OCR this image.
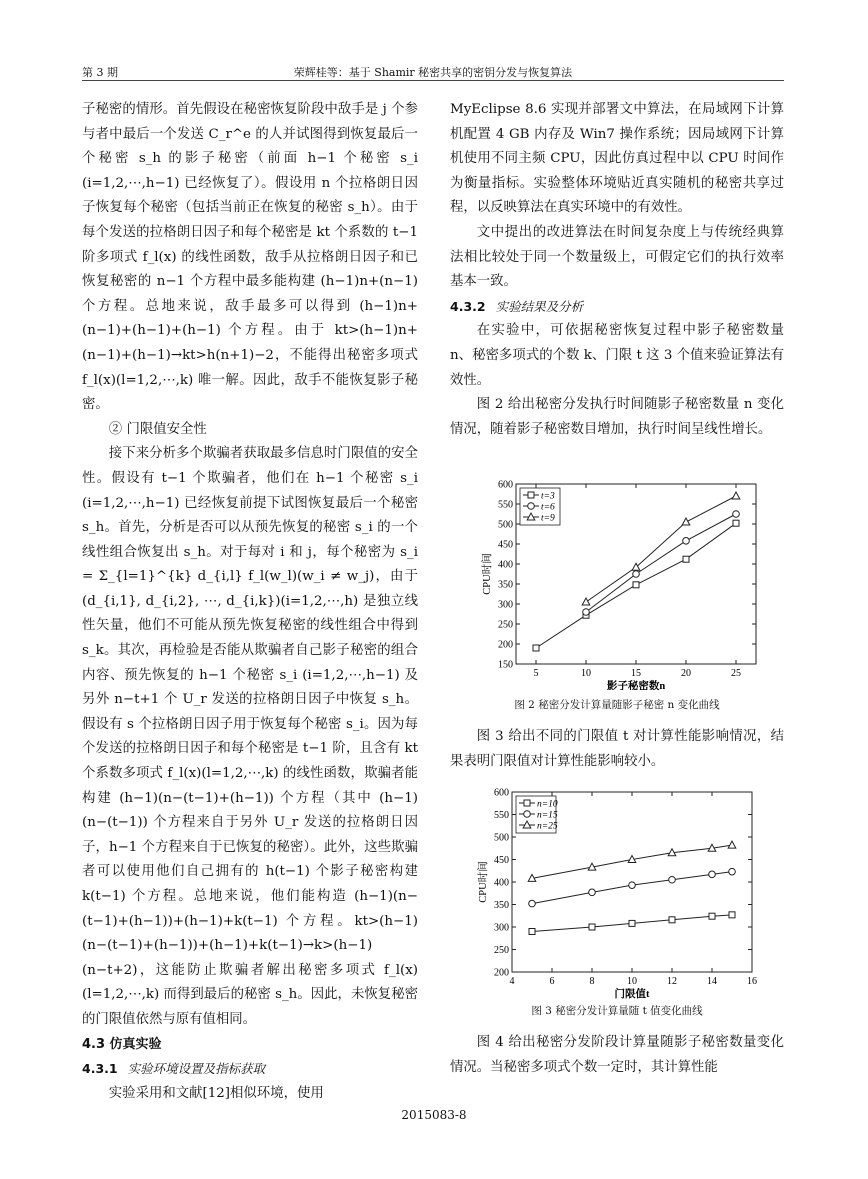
第 3 期	荣辉桂等：基于 Shamir 秘密共享的密钥分发与恢复算法

子秘密的情形。首先假设在秘密恢复阶段中敌手是 j 个参与者中最后一个发送 C_r^e 的人并试图得到恢复最后一个秘密 s_h 的影子秘密（前面 h−1 个秘密 s_i (i=1,2,⋯,h−1) 已经恢复了）。假设用 n 个拉格朗日因子恢复每个秘密（包括当前正在恢复的秘密 s_h）。由于每个发送的拉格朗日因子和每个秘密是 kt 个系数的 t−1 阶多项式 f_l(x) 的线性函数，敌手从拉格朗日因子和已恢复秘密的 n−1 个方程中最多能构建 (h−1)n+(n−1) 个方程。总地来说，敌手最多可以得到 (h−1)n+(n−1)+(h−1)+(h−1) 个方程。由于 kt>(h−1)n+(n−1)+(h−1)→kt>h(n+1)−2，不能得出秘密多项式 f_l(x)(l=1,2,⋯,k) 唯一解。因此，敌手不能恢复影子秘密。

② 门限值安全性

接下来分析多个欺骗者获取最多信息时门限值的安全性。假设有 t−1 个欺骗者，他们在 h−1 个秘密 s_i (i=1,2,⋯,h−1) 已经恢复前提下试图恢复最后一个秘密 s_h。首先，分析是否可以从预先恢复的秘密 s_i 的一个线性组合恢复出 s_h。对于每对 i 和 j，每个秘密为 s_i = Σ_{l=1}^{k} d_{i,l} f_l(w_l)(w_i ≠ w_j)，由于 (d_{i,1}, d_{i,2}, ⋯, d_{i,k})(i=1,2,⋯,h) 是独立线性矢量，他们不可能从预先恢复秘密的线性组合中得到 s_k。其次，再检验是否能从欺骗者自己影子秘密的组合内容、预先恢复的 h−1 个秘密 s_i (i=1,2,⋯,h−1) 及另外 n−t+1 个 U_r 发送的拉格朗日因子中恢复 s_h。假设有 s 个拉格朗日因子用于恢复每个秘密 s_i。因为每个发送的拉格朗日因子和每个秘密是 t−1 阶，且含有 kt 个系数多项式 f_l(x)(l=1,2,⋯,k) 的线性函数，欺骗者能构建 (h−1)(n−(t−1)+(h−1)) 个方程（其中 (h−1)(n−(t−1)) 个方程来自于另外 U_r 发送的拉格朗日因子，h−1 个方程来自于已恢复的秘密）。此外，这些欺骗者可以使用他们自己拥有的 h(t−1) 个影子秘密构建 k(t−1) 个方程。总地来说，他们能构造 (h−1)(n−(t−1)+(h−1))+(h−1)+k(t−1) 个方程。kt>(h−1)(n−(t−1)+(h−1))+(h−1)+k(t−1)→k>(h−1)(n−t+2)，这能防止欺骗者解出秘密多项式 f_l(x)(l=1,2,⋯,k) 而得到最后的秘密 s_h。因此，未恢复秘密的门限值依然与原有值相同。

4.3 仿真实验

4.3.1 实验环境设置及指标获取

实验采用和文献[12]相似环境，使用

MyEclipse 8.6 实现并部署文中算法，在局域网下计算机配置 4 GB 内存及 Win7 操作系统；因局域网下计算机使用不同主频 CPU，因此仿真过程中以 CPU 时间作为衡量指标。实验整体环境贴近真实随机的秘密共享过程，以反映算法在真实环境中的有效性。

文中提出的改进算法在时间复杂度上与传统经典算法相比较处于同一个数量级上，可假定它们的执行效率基本一致。

4.3.2 实验结果及分析

在实验中，可依据秘密恢复过程中影子秘密数量 n、秘密多项式的个数 k、门限 t 这 3 个值来验证算法有效性。

图 2 给出秘密分发执行时间随影子秘密数量 n 变化情况，随着影子秘密数目增加，执行时间呈线性增长。

150
200
250
300
350
400
450
500
550
600
5	10	15	20	25
影子秘密数n
CPU时间
t=3
t=6
t=9
图 2 秘密分发计算量随影子秘密 n 变化曲线

图 3 给出不同的门限值 t 对计算性能影响情况，结果表明门限值对计算性能影响较小。

200
250
300
350
400
450
500
550
600
4	6	8	10	12	14	16
门限值t
CPU时间
n=10
n=15
n=25
图 3 秘密分发计算量随 t 值变化曲线

图 4 给出秘密分发阶段计算量随影子秘密数量变化情况。当秘密多项式个数一定时，其计算性能

2015083-8
